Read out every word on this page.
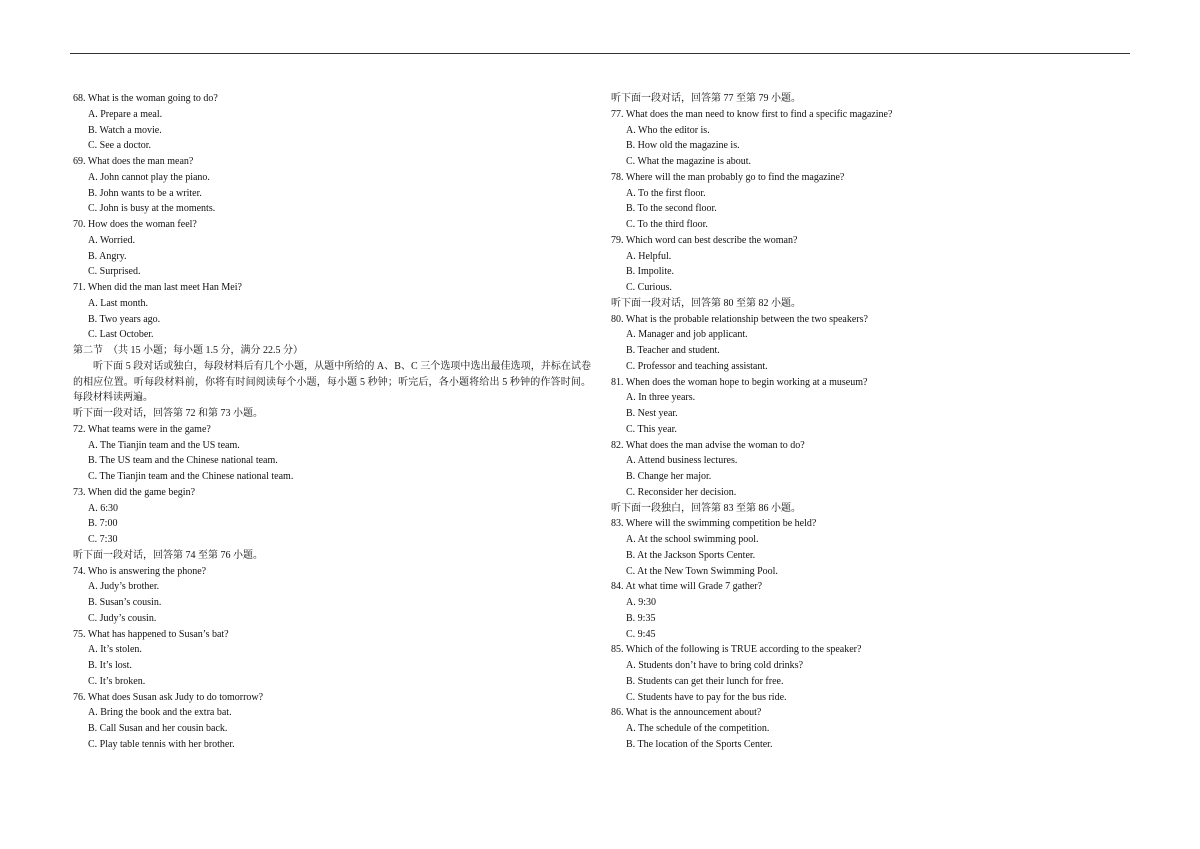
68. What is the woman going to do?
A. Prepare a meal.
B. Watch a movie.
C. See a doctor.
69. What does the man mean?
A. John cannot play the piano.
B. John wants to be a writer.
C. John is busy at the moments.
70. How does the woman feel?
A. Worried.
B. Angry.
C. Surprised.
71. When did the man last meet Han Mei?
A. Last month.
B. Two years ago.
C. Last October.
第二节　（共 15 小题；每小题 1.5 分，满分 22.5 分）
听下面 5 段对话或独白，每段材料后有几个小题，从题中所给的 A、B、C 三个选项中选出最佳选项，并标在试卷的相应位置。听每段材料前，你将有时间阅读每个小题，每小题 5 秒钟；听完后，各小题将给出 5 秒钟的作答时间。每段材料读两遍。
听下面一段对话，回答第 72 和第 73 小题。
72. What teams were in the game?
A. The Tianjin team and the US team.
B. The US team and the Chinese national team.
C. The Tianjin team and the Chinese national team.
73. When did the game begin?
A. 6:30
B. 7:00
C. 7:30
听下面一段对话，回答第 74 至第 76 小题。
74. Who is answering the phone?
A. Judy’s brother.
B. Susan’s cousin.
C. Judy’s cousin.
75. What has happened to Susan’s bat?
A. It’s stolen.
B. It’s lost.
C. It’s broken.
76. What does Susan ask Judy to do tomorrow?
A. Bring the book and the extra bat.
B. Call Susan and her cousin back.
C. Play table tennis with her brother.
听下面一段对话，回答第 77 至第 79 小题。
77. What does the man need to know first to find a specific magazine?
A. Who the editor is.
B. How old the magazine is.
C. What the magazine is about.
78. Where will the man probably go to find the magazine?
A. To the first floor.
B. To the second floor.
C. To the third floor.
79. Which word can best describe the woman?
A. Helpful.
B. Impolite.
C. Curious.
听下面一段对话，回答第 80 至第 82 小题。
80. What is the probable relationship between the two speakers?
A. Manager and job applicant.
B. Teacher and student.
C. Professor and teaching assistant.
81. When does the woman hope to begin working at a museum?
A. In three years.
B. Nest year.
C. This year.
82. What does the man advise the woman to do?
A. Attend business lectures.
B. Change her major.
C. Reconsider her decision.
听下面一段独白，回答第 83 至第 86 小题。
83. Where will the swimming competition be held?
A. At the school swimming pool.
B. At the Jackson Sports Center.
C. At the New Town Swimming Pool.
84. At what time will Grade 7 gather?
A. 9:30
B. 9:35
C. 9:45
85. Which of the following is TRUE according to the speaker?
A. Students don’t have to bring cold drinks?
B. Students can get their lunch for free.
C. Students have to pay for the bus ride.
86. What is the announcement about?
A. The schedule of the competition.
B. The location of the Sports Center.
